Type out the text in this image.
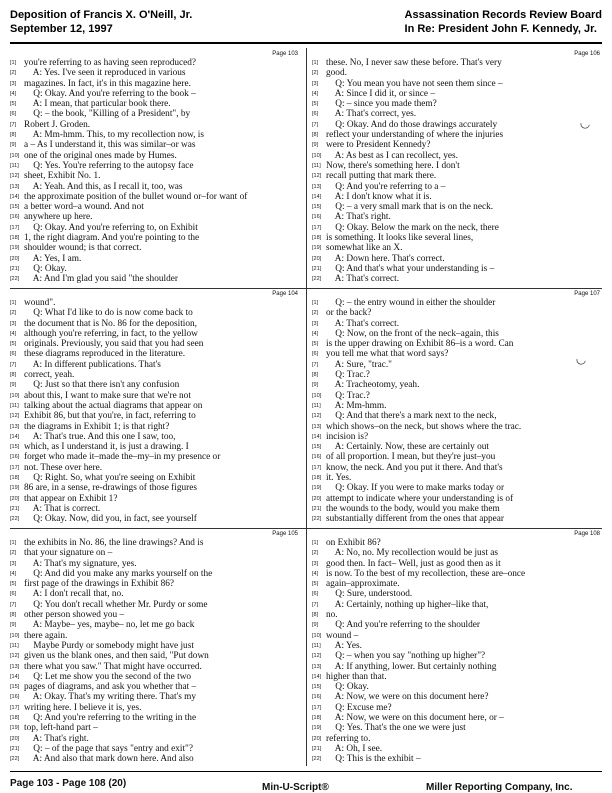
Deposition of Francis X. O'Neill, Jr.
September 12, 1997
Assassination Records Review Board
In Re: President John F. Kennedy, Jr.
Page 103
[1] you're referring to as having seen reproduced?
[2]    A: Yes. I've seen it reproduced in various
[3] magazines. In fact, it's in this magazine here.
[4]    Q: Okay. And you're referring to the book –
[5]    A: I mean, that particular book there.
[6]    Q: – the book, "Killing of a President", by
[7] Robert J. Groden.
[8]    A: Mm-hmm. This, to my recollection now, is
[9] a – As I understand it, this was similar–or was
[10] one of the original ones made by Humes.
[11]    Q: Yes. You're referring to the autopsy face
[12] sheet, Exhibit No. 1.
[13]    A: Yeah. And this, as I recall it, too, was
[14] the approximate position of the bullet wound or–for want of
[15] a better word–a wound. And not
[16] anywhere up here.
[17]    Q: Okay. And you're referring to, on Exhibit
[18] 1, the right diagram. And you're pointing to the
[19] shoulder wound; is that correct.
[20]    A: Yes, I am.
[21]    Q: Okay.
[22]    A: And I'm glad you said "the shoulder
Page 106
[1] these. No, I never saw these before. That's very
[2] good.
[3]    Q: You mean you have not seen them since –
[4]    A: Since I did it, or since –
[5]    Q: – since you made them?
[6]    A: That's correct, yes.
[7]    Q: Okay. And do those drawings accurately
[8] reflect your understanding of where the injuries
[9] were to President Kennedy?
[10]    A: As best as I can recollect, yes.
[11] Now, there's something here. I don't
[12] recall putting that mark there.
[13]    Q: And you're referring to a –
[14]    A: I don't know what it is.
[15]    Q: – a very small mark that is on the neck.
[16]    A: That's right.
[17]    Q: Okay. Below the mark on the neck, there
[18] is something. It looks like several lines,
[19] somewhat like an X.
[20]    A: Down here. That's correct.
[21]    Q: And that's what your understanding is –
[22]    A: That's correct.
Page 104
[1] wound".
[2]    Q: What I'd like to do is now come back to
[3] the document that is No. 86 for the deposition,
[4] although you're referring, in fact, to the yellow
[5] originals. Previously, you said that you had seen
[6] these diagrams reproduced in the literature.
[7]    A: In different publications. That's
[8] correct, yeah.
[9]    Q: Just so that there isn't any confusion
[10] about this, I want to make sure that we're not
[11] talking about the actual diagrams that appear on
[12] Exhibit 86, but that you're, in fact, referring to
[13] the diagrams in Exhibit 1; is that right?
[14]    A: That's true. And this one I saw, too,
[15] which, as I understand it, is just a drawing. I
[16] forget who made it–made the–my–in my presence or
[17] not. These over here.
[18]    Q: Right. So, what you're seeing on Exhibit
[19] 86 are, in a sense, re-drawings of those figures
[20] that appear on Exhibit 1?
[21]    A: That is correct.
[22]    Q: Okay. Now, did you, in fact, see yourself
Page 107
[1]    Q: – the entry wound in either the shoulder
[2] or the back?
[3]    A: That's correct.
[4]    Q: Now, on the front of the neck–again, this
[5] is the upper drawing on Exhibit 86–is a word. Can
[6] you tell me what that word says?
[7]    A: Sure, "trac."
[8]    Q: Trac.?
[9]    A: Tracheotomy, yeah.
[10]    Q: Trac.?
[11]    A: Mm-hmm.
[12]    Q: And that there's a mark next to the neck,
[13] which shows–on the neck, but shows where the trac.
[14] incision is?
[15]    A: Certainly. Now, these are certainly out
[16] of all proportion. I mean, but they're just–you
[17] know, the neck. And you put it there. And that's
[18] it. Yes.
[19]    Q: Okay. If you were to make marks today or
[20] attempt to indicate where your understanding is of
[21] the wounds to the body, would you make them
[22] substantially different from the ones that appear
Page 105
[1] the exhibits in No. 86, the line drawings? And is
[2] that your signature on –
[3]    A: That's my signature, yes.
[4]    Q: And did you make any marks yourself on the
[5] first page of the drawings in Exhibit 86?
[6]    A: I don't recall that, no.
[7]    Q: You don't recall whether Mr. Purdy or some
[8] other person showed you –
[9]    A: Maybe– yes, maybe– no, let me go back
[10] there again.
[11]    Maybe Purdy or somebody might have just
[12] given us the blank ones, and then said, "Put down
[13] there what you saw." That might have occurred.
[14]    Q: Let me show you the second of the two
[15] pages of diagrams, and ask you whether that –
[16]    A: Okay. That's my writing there. That's my
[17] writing here. I believe it is, yes.
[18]    Q: And you're referring to the writing in the
[19] top, left-hand part –
[20]    A: That's right.
[21]    Q: – of the page that says "entry and exit"?
[22]    A: And also that mark down here. And also
Page 108
[1] on Exhibit 86?
[2]    A: No, no. My recollection would be just as
[3] good then. In fact– Well, just as good then as it
[4] is now. To the best of my recollection, these are–once
[5] again–approximate.
[6]    Q: Sure, understood.
[7]    A: Certainly, nothing up higher–like that,
[8] no.
[9]    Q: And you're referring to the shoulder
[10] wound –
[11]    A: Yes.
[12]    Q: – when you say "nothing up higher"?
[13]    A: If anything, lower. But certainly nothing
[14] higher than that.
[15]    Q: Okay.
[16]    A: Now, we were on this document here?
[17]    Q: Excuse me?
[18]    A: Now, we were on this document here, or –
[19]    Q: Yes. That's the one we were just
[20] referring to.
[21]    A: Oh, I see.
[22]    Q: This is the exhibit –
◡
◡
Page 103 - Page 108 (20)	Min-U-Script®	Miller Reporting Company, Inc.
